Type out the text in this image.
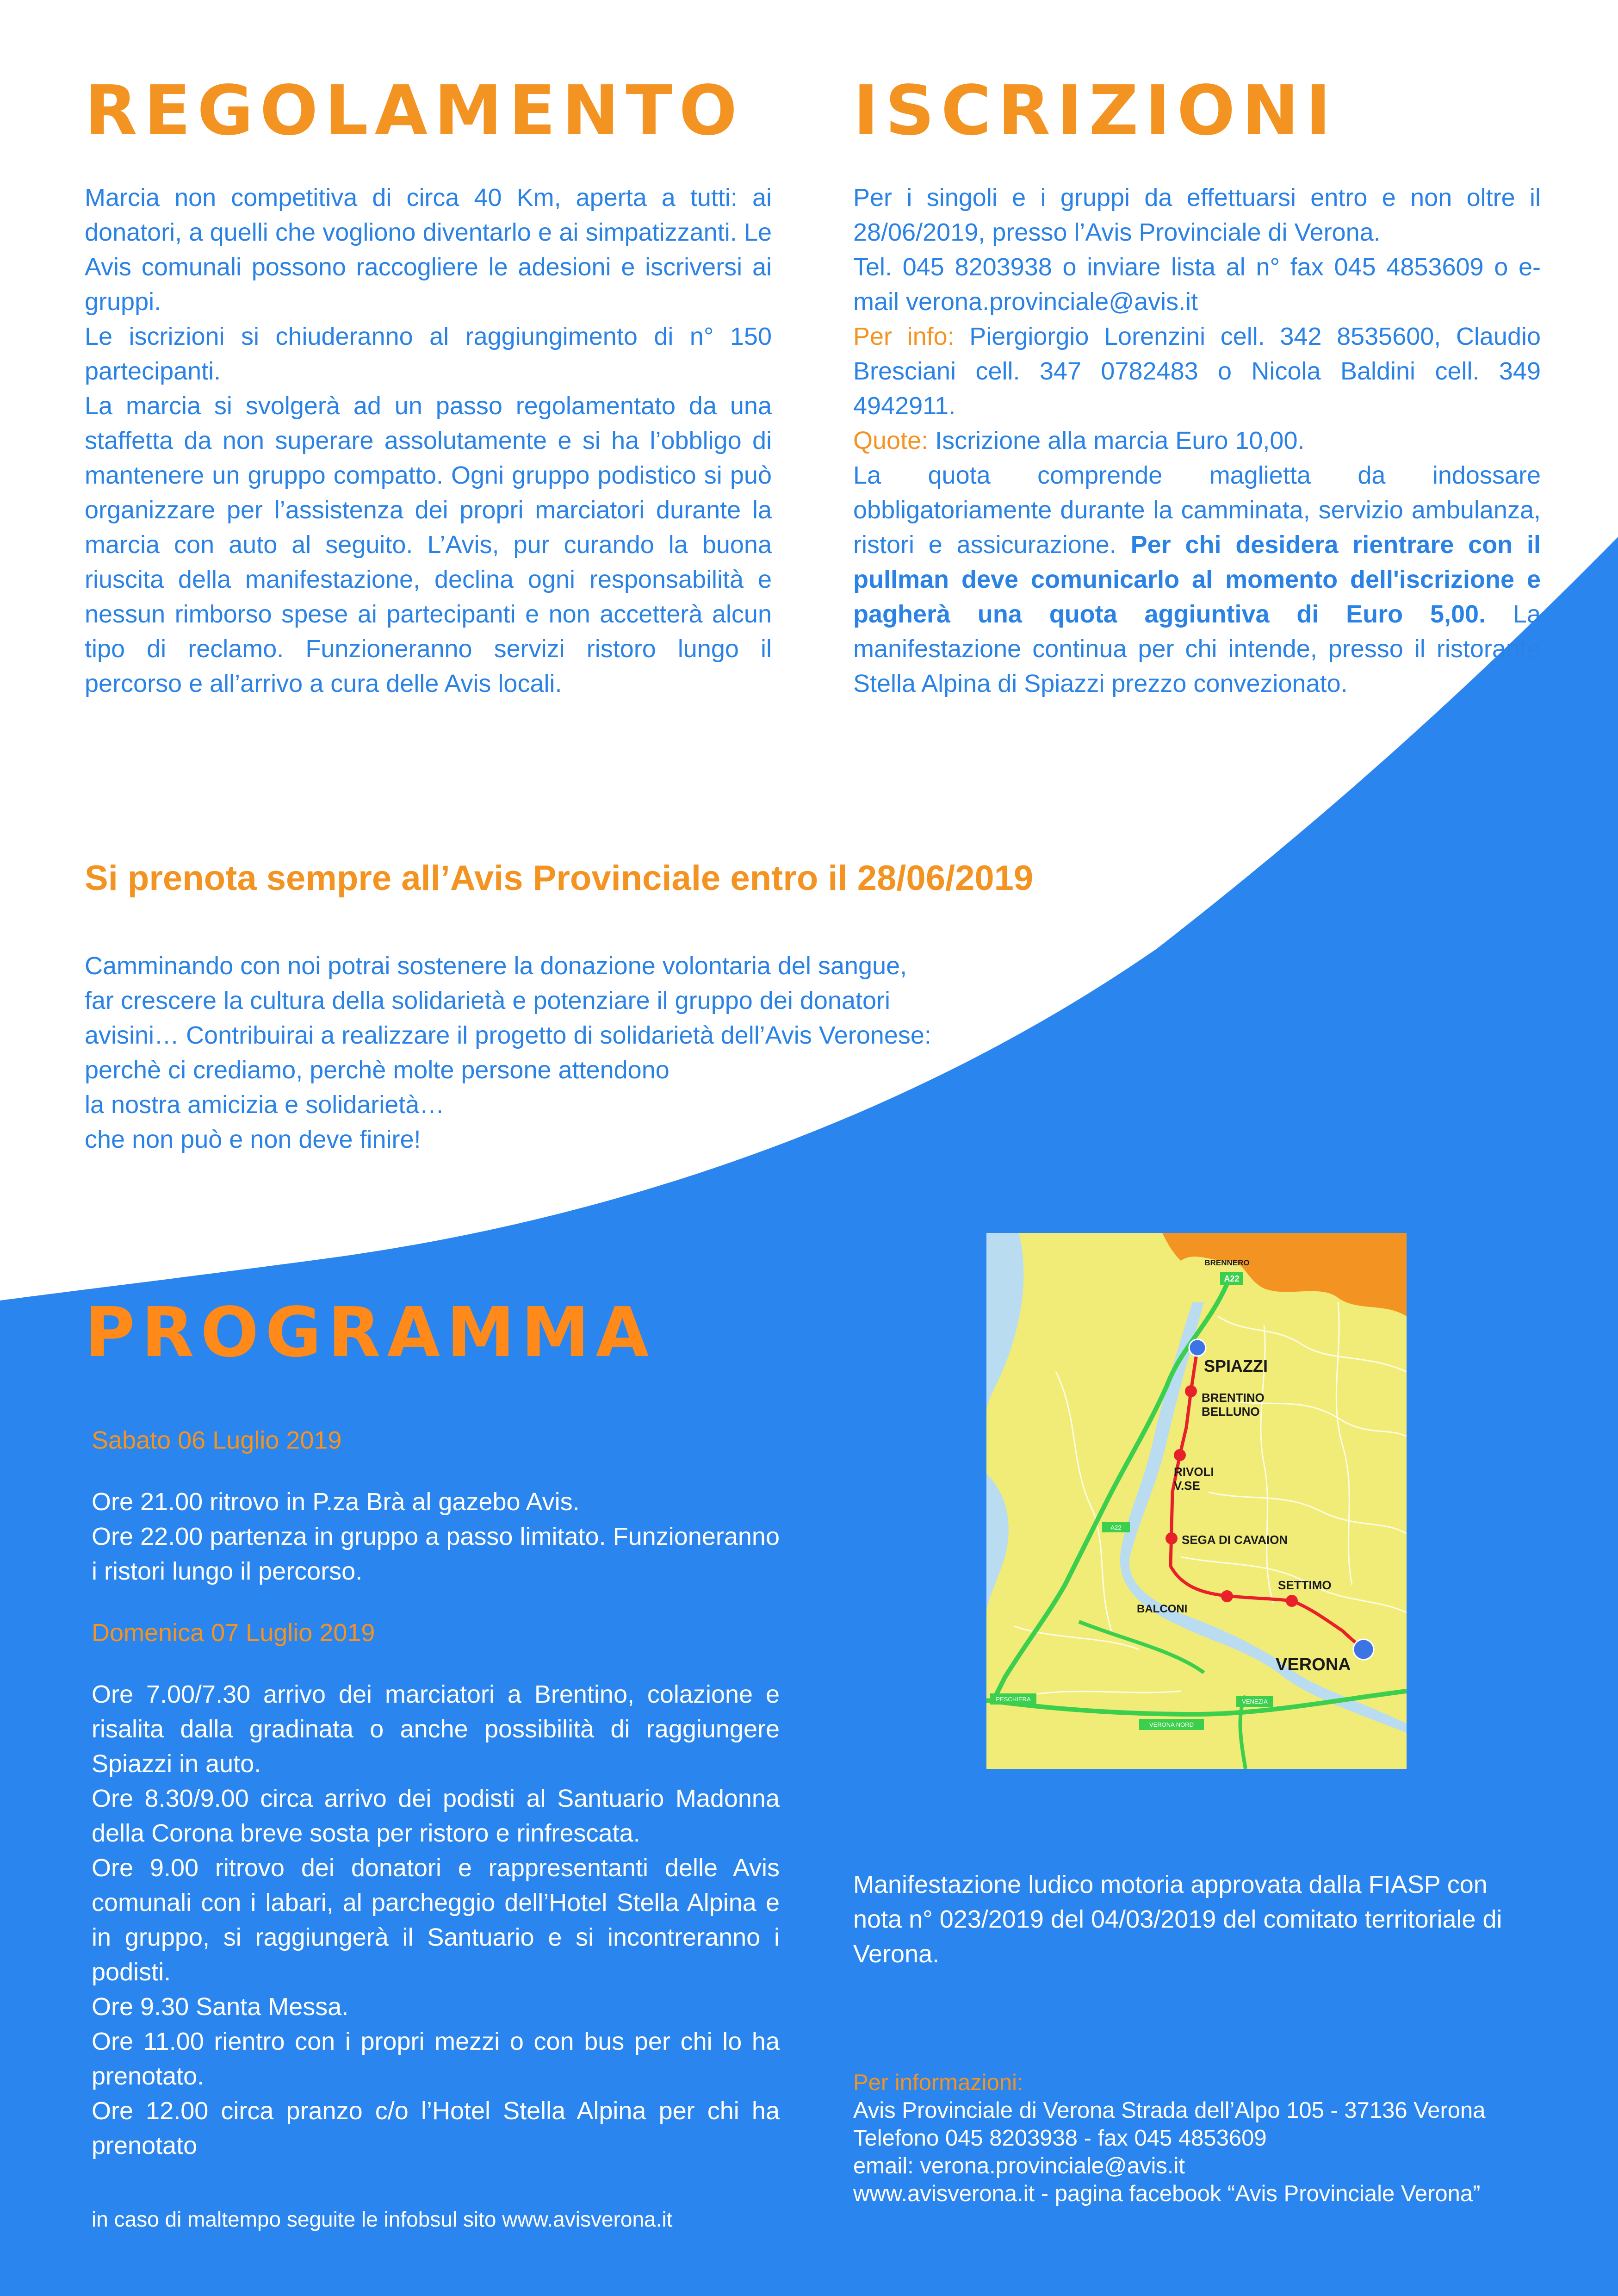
REGOLAMENTO

Marcia non competitiva di circa 40 Km, aperta a tutti: ai donatori, a quelli che vogliono diventarlo e ai simpatizzanti. Le Avis comunali possono raccogliere le adesioni e iscriversi ai gruppi.

Le iscrizioni si chiuderanno al raggiungimento di n° 150 partecipanti.

La marcia si svolgerà ad un passo regolamentato da una staffetta da non superare assolutamente e si ha l’obbligo di mantenere un gruppo compatto. Ogni gruppo podistico si può organizzare per l’assistenza dei propri marciatori durante la marcia con auto al seguito. L’Avis, pur curando la buona riuscita della manifestazione, declina ogni responsabilità e nessun rimborso spese ai partecipanti e non accetterà alcun tipo di reclamo. Funzioneranno servizi ristoro lungo il percorso e all’arrivo a cura delle Avis locali.

ISCRIZIONI

Per i singoli e i gruppi da effettuarsi entro e non oltre il 28/06/2019, presso l’Avis Provinciale di Verona.

Tel. 045 8203938 o inviare lista al n° fax 045 4853609 o e-mail verona.provinciale@avis.it

Per info: Piergiorgio Lorenzini cell. 342 8535600, Claudio Bresciani cell. 347 0782483 o Nicola Baldini cell. 349 4942911.

Quote: Iscrizione alla marcia Euro 10,00.

La quota comprende maglietta da indossare obbligatoriamente durante la camminata, servizio ambulanza, ristori e assicurazione. Per chi desidera rientrare con il pullman deve comunicarlo al momento dell'iscrizione e pagherà una quota aggiuntiva di Euro 5,00. La manifestazione continua per chi intende, presso il ristorante Stella Alpina di Spiazzi prezzo convezionato.

Si prenota sempre all’Avis Provinciale entro il 28/06/2019

Camminando con noi potrai sostenere la donazione volontaria del sangue,
far crescere la cultura della solidarietà e potenziare il gruppo dei donatori
avisini… Contribuirai a realizzare il progetto di solidarietà dell’Avis Veronese:
perchè ci crediamo, perchè molte persone attendono
la nostra amicizia e solidarietà…
che non può e non deve finire!
PROGRAMMA
Sabato 06 Luglio 2019
Ore 21.00 ritrovo in P.za Brà al gazebo Avis.
Ore 22.00 partenza in gruppo a passo limitato. Funzioneranno i ristori lungo il percorso.
Domenica 07 Luglio 2019
Ore 7.00/7.30 arrivo dei marciatori a Brentino, colazione e risalita dalla gradinata o anche possibilità di raggiungere Spiazzi in auto.
Ore 8.30/9.00 circa arrivo dei podisti al Santuario Madonna della Corona breve sosta per ristoro e rinfrescata.
Ore 9.00 ritrovo dei donatori e rappresentanti delle Avis comunali con i labari, al parcheggio dell’Hotel Stella Alpina e in gruppo, si raggiungerà il Santuario e si incontreranno i podisti.
Ore 9.30 Santa Messa.
Ore 11.00 rientro con i propri mezzi o con bus per chi lo ha prenotato.
Ore 12.00 circa pranzo c/o l’Hotel Stella Alpina per chi ha prenotato

in caso di maltempo seguite le infobsul sito www.avisverona.it

A22
BRENNERO
SPIAZZI
BRENTINO
BELLUNO
RIVOLI
V.SE
SEGA DI CAVAION
SETTIMO
BALCONI
VERONA
PESCHIERA
VERONA NORD
VENEZIA
A22

Manifestazione ludico motoria approvata dalla FIASP con nota n° 023/2019 del 04/03/2019 del comitato territoriale di Verona.

Per informazioni:
Avis Provinciale di Verona Strada dell’Alpo 105 - 37136 Verona
Telefono 045 8203938 - fax 045 4853609
email: verona.provinciale@avis.it
www.avisverona.it - pagina facebook “Avis Provinciale Verona”
